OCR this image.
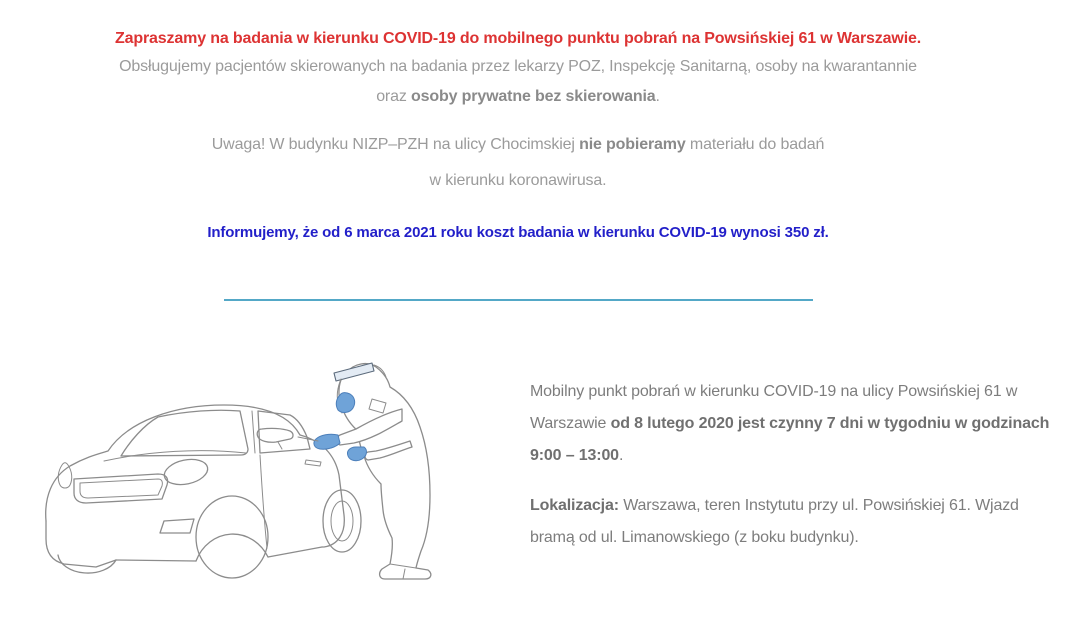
Zapraszamy na badania w kierunku COVID-19 do mobilnego punktu pobrań na Powsińskiej 61 w Warszawie.

Obsługujemy pacjentów skierowanych na badania przez lekarzy POZ, Inspekcję Sanitarną, osoby na kwarantannie
oraz osoby prywatne bez skierowania.

Uwaga! W budynku NIZP–PZH na ulicy Chocimskiej nie pobieramy materiału do badań
w kierunku koronawirusa.

Informujemy, że od 6 marca 2021 roku koszt badania w kierunku COVID-19 wynosi 350 zł.

Mobilny punkt pobrań w kierunku COVID-19 na ulicy Powsińskiej 61 w Warszawie od 8 lutego 2020 jest czynny 7 dni w tygodniu w godzinach 9:00 – 13:00.

Lokalizacja: Warszawa, teren Instytutu przy ul. Powsińskiej 61. Wjazd bramą od ul. Limanowskiego (z boku budynku).
